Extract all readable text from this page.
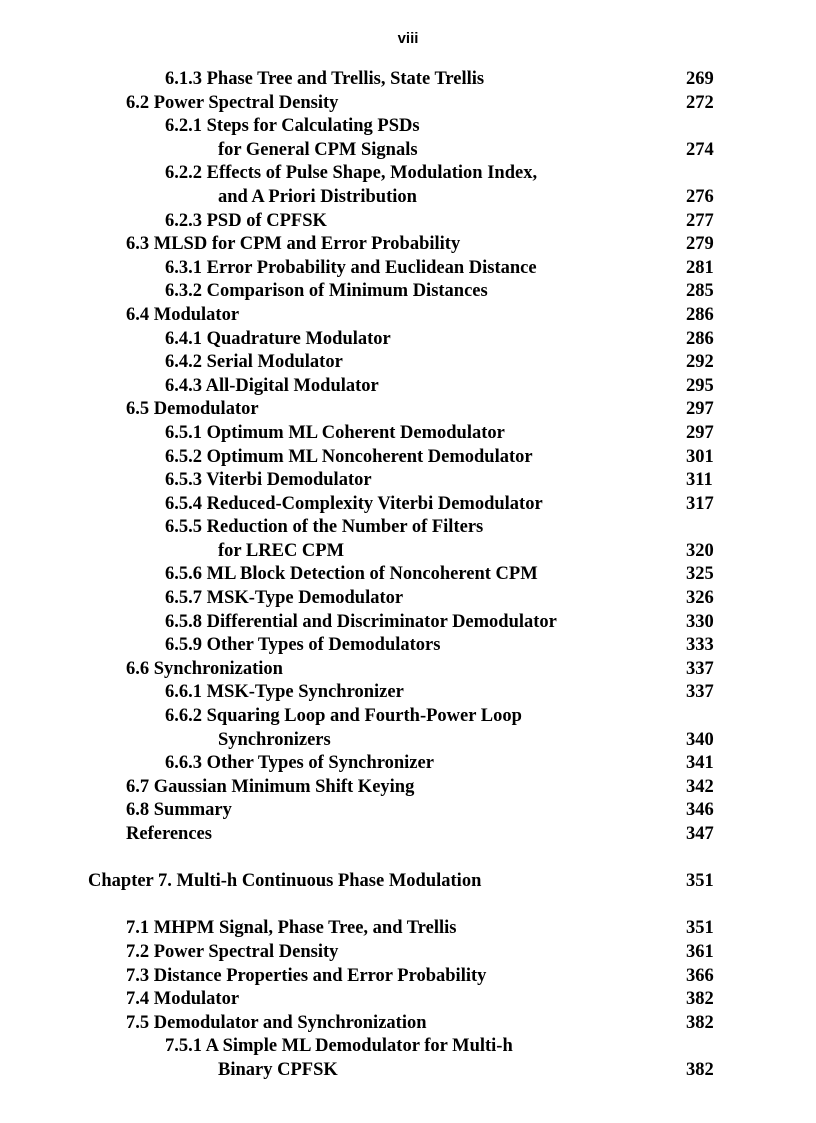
viii
6.1.3 Phase Tree and Trellis, State Trellis	269
6.2 Power Spectral Density	272
6.2.1 Steps for Calculating PSDs
for General CPM Signals	274
6.2.2 Effects of Pulse Shape, Modulation Index,
and A Priori Distribution	276
6.2.3 PSD of CPFSK	277
6.3 MLSD for CPM and Error Probability	279
6.3.1 Error Probability and Euclidean Distance	281
6.3.2 Comparison of Minimum Distances	285
6.4 Modulator	286
6.4.1 Quadrature Modulator	286
6.4.2 Serial Modulator	292
6.4.3 All-Digital Modulator	295
6.5 Demodulator	297
6.5.1 Optimum ML Coherent Demodulator	297
6.5.2 Optimum ML Noncoherent Demodulator	301
6.5.3 Viterbi Demodulator	311
6.5.4 Reduced-Complexity Viterbi Demodulator	317
6.5.5 Reduction of the Number of Filters
for LREC CPM	320
6.5.6 ML Block Detection of Noncoherent CPM	325
6.5.7 MSK-Type Demodulator	326
6.5.8 Differential and Discriminator Demodulator	330
6.5.9 Other Types of Demodulators	333
6.6 Synchronization	337
6.6.1 MSK-Type Synchronizer	337
6.6.2 Squaring Loop and Fourth-Power Loop
Synchronizers	340
6.6.3 Other Types of Synchronizer	341
6.7 Gaussian Minimum Shift Keying	342
6.8 Summary	346
References	347
Chapter 7. Multi-h Continuous Phase Modulation	351
7.1 MHPM Signal, Phase Tree, and Trellis	351
7.2 Power Spectral Density	361
7.3 Distance Properties and Error Probability	366
7.4 Modulator	382
7.5 Demodulator and Synchronization	382
7.5.1 A Simple ML Demodulator for Multi-h
Binary CPFSK	382
